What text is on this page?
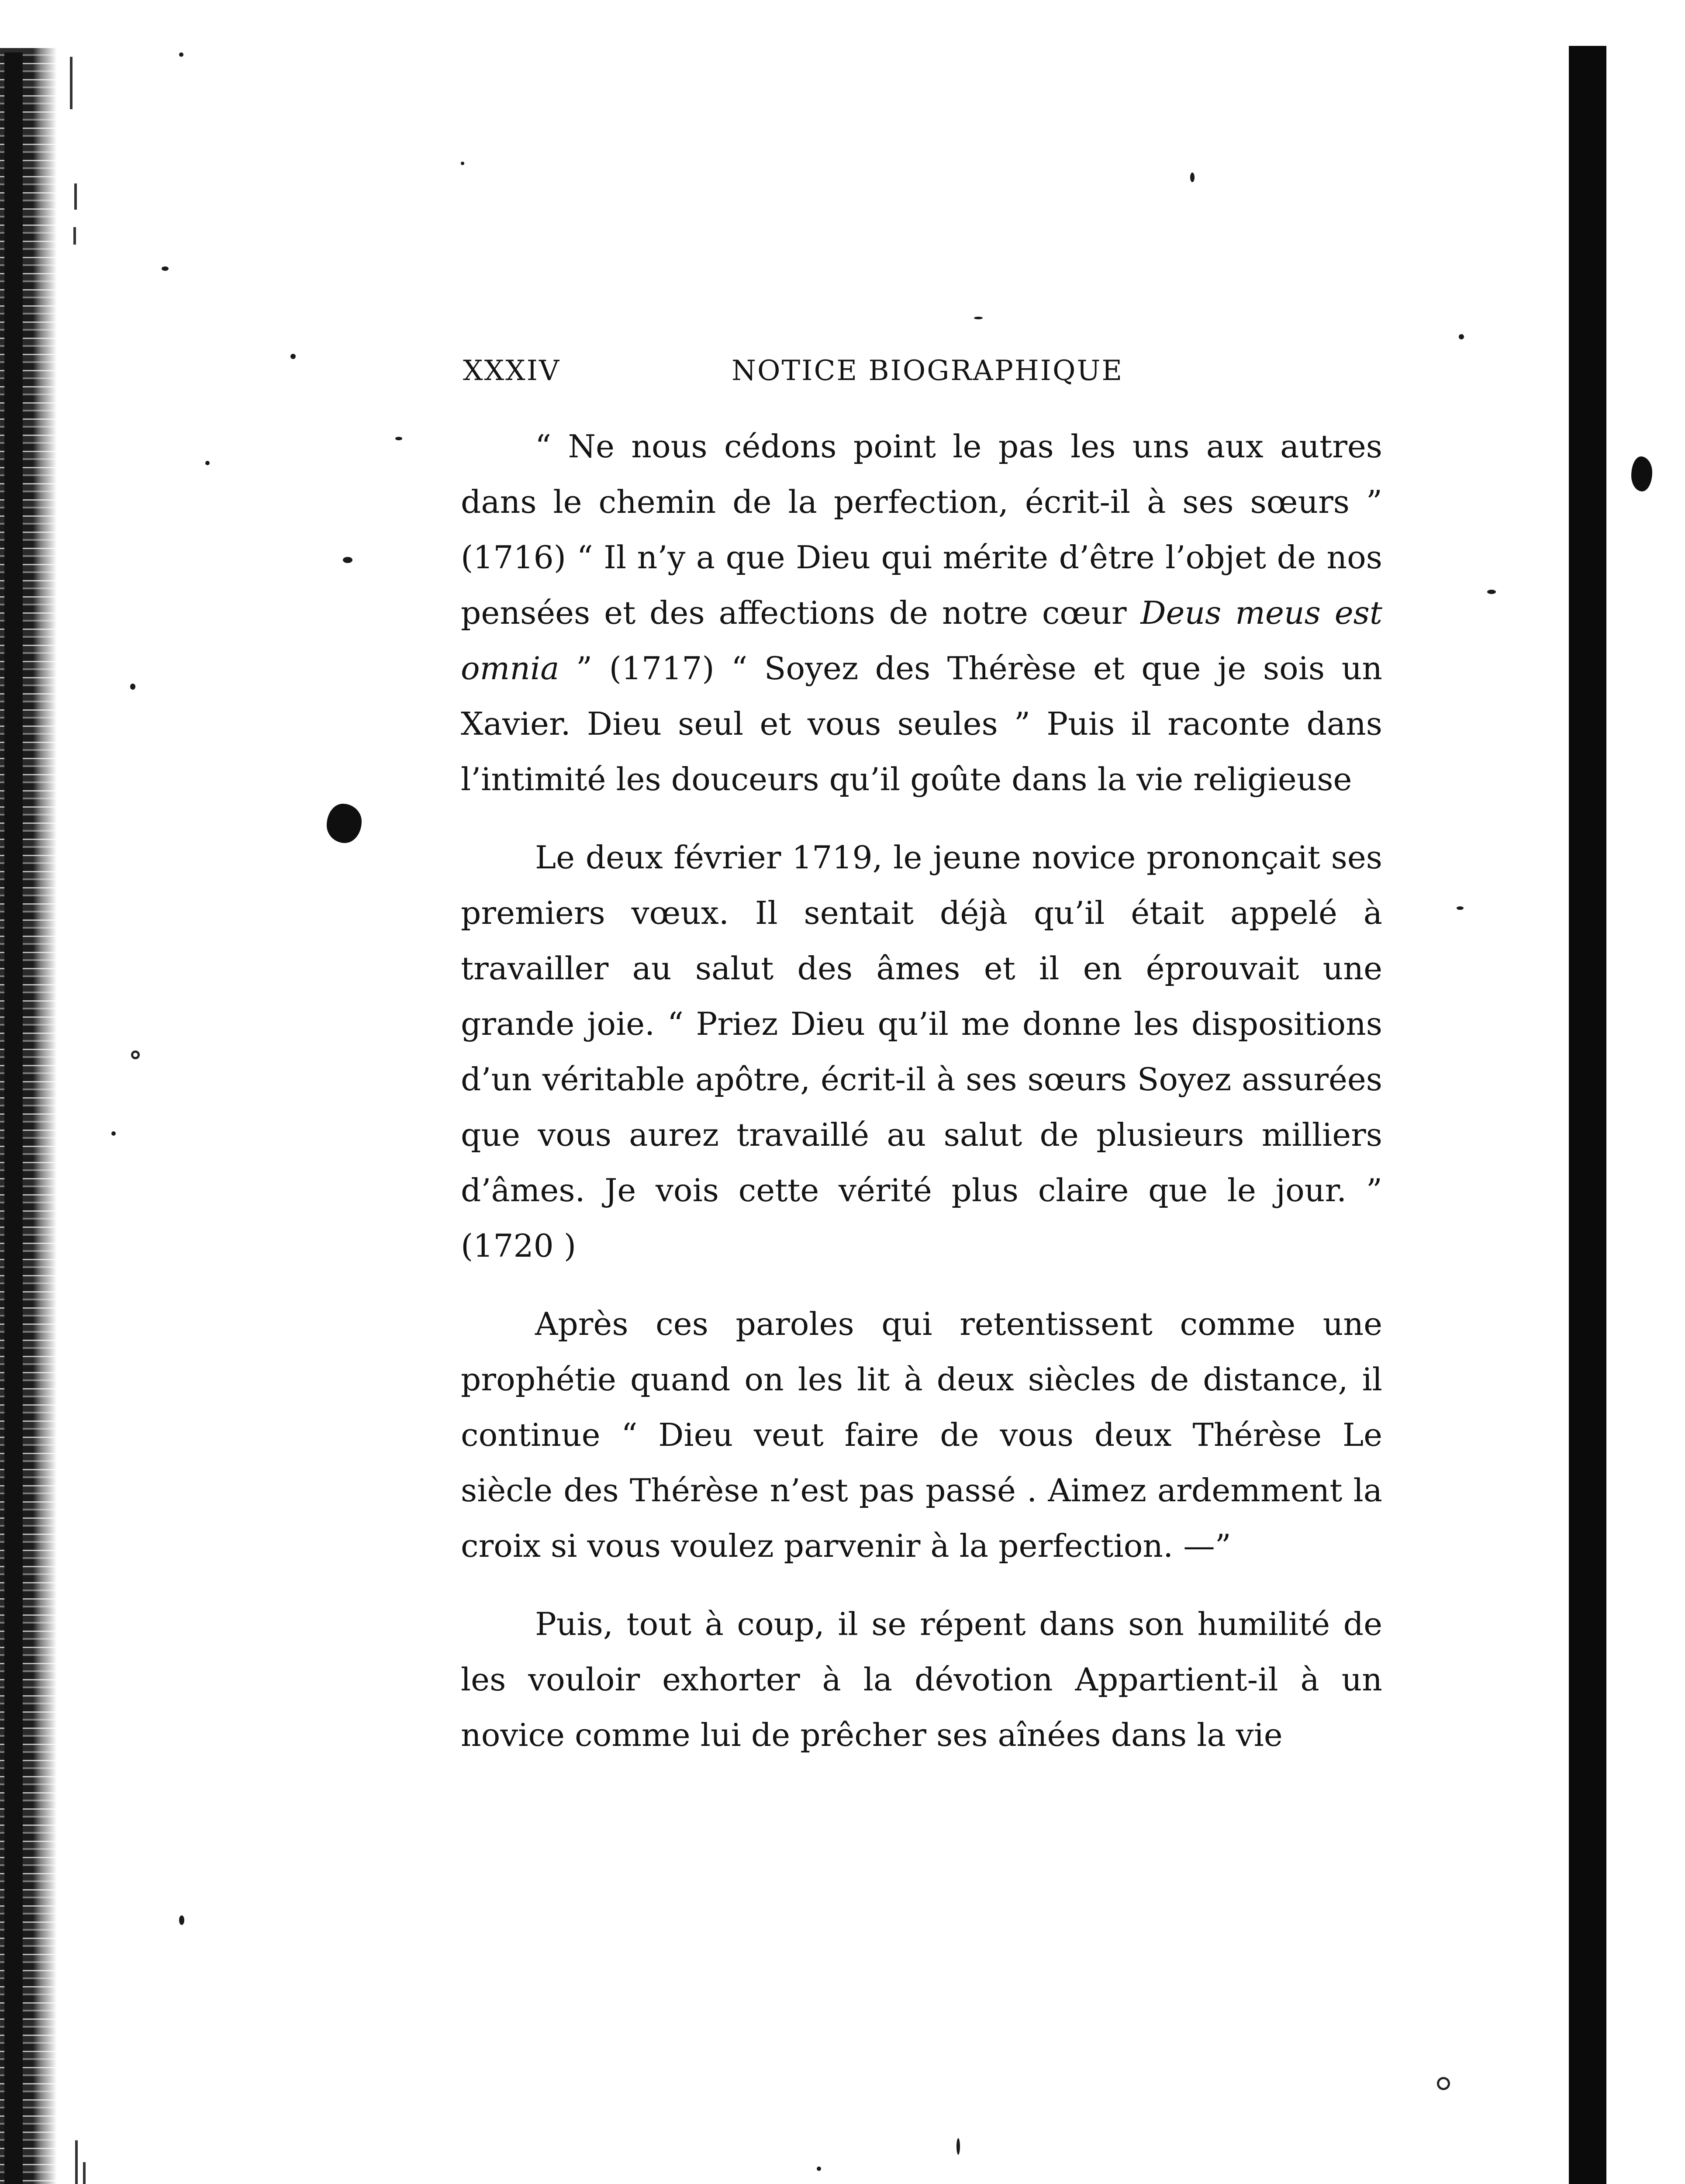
XXXIV	NOTICE BIOGRAPHIQUE

“ Ne nous cédons point le pas les uns aux autres dans le chemin de la perfection, écrit-il à ses sœurs ” (1716) “ Il n’y a que Dieu qui mérite d’être l’objet de nos pensées et des affections de notre cœur Deus meus est omnia ” (1717) “ Soyez des Thérèse et que je sois un Xavier. Dieu seul et vous seules ” Puis il raconte dans l’intimité les douceurs qu’il goûte dans la vie religieuse

Le deux février 1719, le jeune novice prononçait ses premiers vœux. Il sentait déjà qu’il était appelé à travailler au salut des âmes et il en éprouvait une grande joie. “ Priez Dieu qu’il me donne les dispositions d’un véritable apôtre, écrit-il à ses sœurs Soyez assurées que vous aurez travaillé au salut de plusieurs milliers d’âmes. Je vois cette vérité plus claire que le jour. ” (1720 )

Après ces paroles qui retentissent comme une prophétie quand on les lit à deux siècles de distance, il continue “ Dieu veut faire de vous deux Thérèse Le siècle des Thérèse n’est pas passé . Aimez ardemment la croix si vous voulez parvenir à la perfection. —”

Puis, tout à coup, il se répent dans son humilité de les vouloir exhorter à la dévotion Appartient-il à un novice comme lui de prêcher ses aînées dans la vie
